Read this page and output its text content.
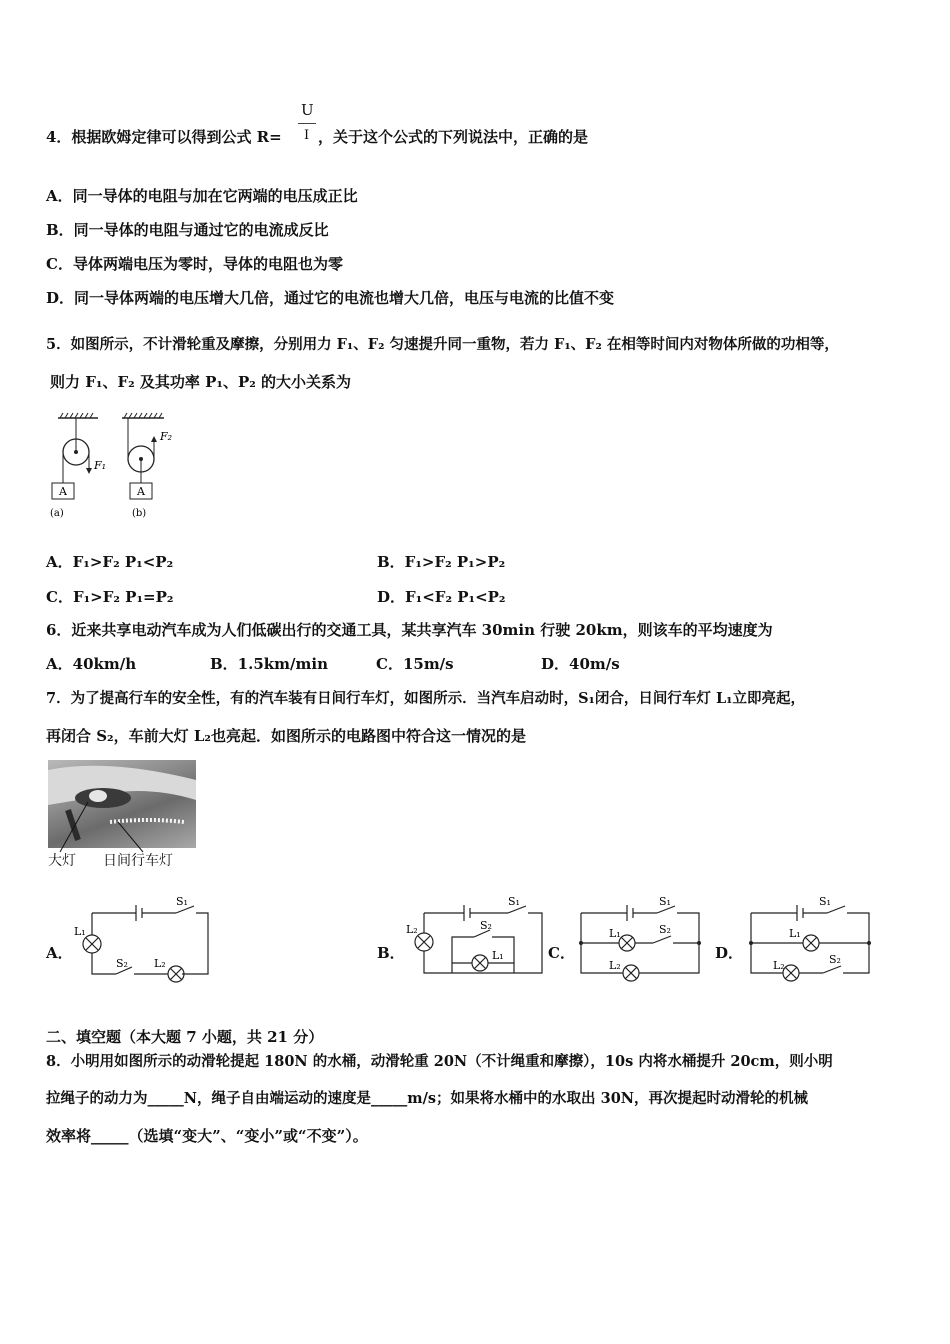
U
4．根据欧姆定律可以得到公式 R= I ，关于这个公式的下列说法中，正确的是
A．同一导体的电阻与加在它两端的电压成正比
B．同一导体的电阻与通过它的电流成反比
C．导体两端电压为零时，导体的电阻也为零
D．同一导体两端的电压增大几倍，通过它的电流也增大几倍，电压与电流的比值不变
5．如图所示，不计滑轮重及摩擦，分别用力 F₁、F₂ 匀速提升同一重物，若力 F₁、F₂ 在相等时间内对物体所做的功相等，
则力 F₁、F₂ 及其功率 P₁、P₂ 的大小关系为
A	A
F₁
F₂
(a)	(b)
A．F₁>F₂ P₁<P₂	B．F₁>F₂ P₁>P₂
C．F₁>F₂ P₁=P₂	D．F₁<F₂ P₁<P₂
6．近来共享电动汽车成为人们低碳出行的交通工具，某共享汽车 30min 行驶 20km，则该车的平均速度为
A．40km/h	B．1.5km/min	C．15m/s	D．40m/s
7．为了提高行车的安全性，有的汽车装有日间行车灯，如图所示．当汽车启动时，S₁闭合，日间行车灯 L₁立即亮起，
再闭合 S₂，车前大灯 L₂也亮起．如图所示的电路图中符合这一情况的是
大灯 日间行车灯
A．	B．	C．	D．
S₁
L₁
S₂ L₂
S₁
L₂	S₂
L₁
S₁
L₁	S₂
L₂
S₁
L₁
L₂	S₂
二、填空题（本大题 7 小题，共 21 分）
8．小明用如图所示的动滑轮提起 180N 的水桶，动滑轮重 20N（不计绳重和摩擦），10s 内将水桶提升 20cm，则小明
拉绳子的动力为_____N，绳子自由端运动的速度是_____m/s；如果将水桶中的水取出 30N，再次提起时动滑轮的机械
效率将_____（选填“变大”、“变小”或“不变”）。
